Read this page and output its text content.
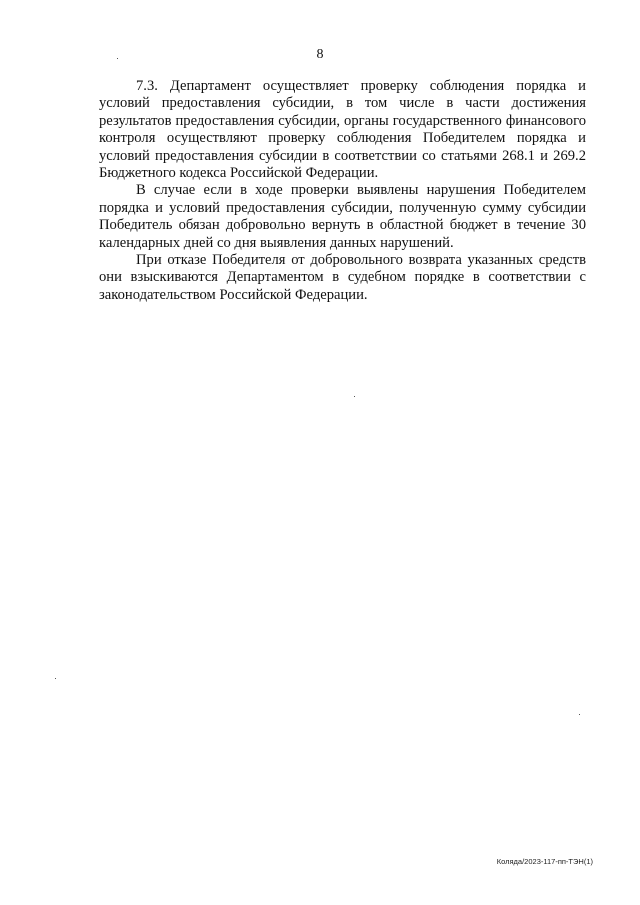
8

7.3. Департамент осуществляет проверку соблюдения порядка и условий предоставления субсидии, в том числе в части достижения результатов предоставления субсидии, органы государственного финансового контроля осуществляют проверку соблюдения Победителем порядка и условий предоставления субсидии в соответствии со статьями 268.1 и 269.2 Бюджетного кодекса Российской Федерации.

В случае если в ходе проверки выявлены нарушения Победителем порядка и условий предоставления субсидии, полученную сумму субсидии Победитель обязан добровольно вернуть в областной бюджет в течение 30 календарных дней со дня выявления данных нарушений.

При отказе Победителя от добровольного возврата указанных средств они взыскиваются Департаментом в судебном порядке в соответствии с законодательством Российской Федерации.

Коляда/2023-117-пп-ТЭН(1)
